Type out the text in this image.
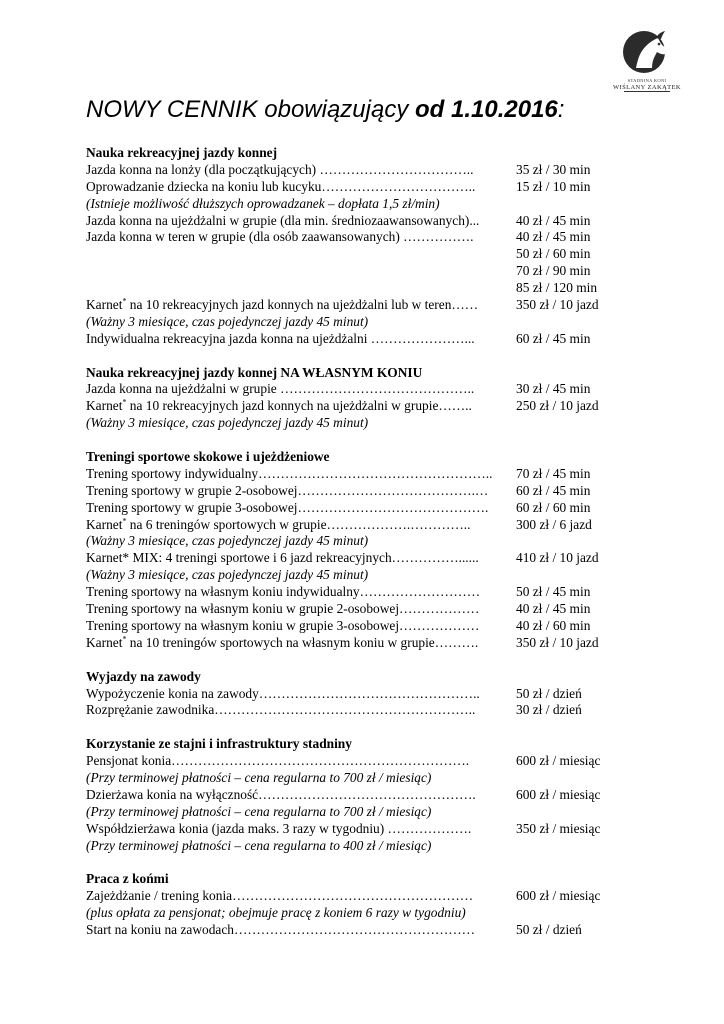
STADNINA KONI
WIŚLANY ZAKĄTEK
NOWY CENNIK obowiązujący od 1.10.2016:
Nauka rekreacyjnej jazdy konnej
Jazda konna na lonży (dla początkujących) ……………………………..	35 zł / 30 min
Oprowadzanie dziecka na koniu lub kucyku……………………………..	15 zł / 10 min
(Istnieje możliwość dłuższych oprowadzanek – dopłata 1,5 zł/min)
Jazda konna na ujeżdżalni w grupie (dla min. średniozaawansowanych)...	40 zł / 45 min
Jazda konna w teren w grupie (dla osób zaawansowanych) …………….	40 zł / 45 min
50 zł / 60 min
70 zł / 90 min
85 zł / 120 min
Karnet* na 10 rekreacyjnych jazd konnych na ujeżdżalni lub w teren……	350 zł / 10 jazd
(Ważny 3 miesiące, czas pojedynczej jazdy 45 minut)
Indywidualna rekreacyjna jazda konna na ujeżdżalni …………………...	60 zł / 45 min
Nauka rekreacyjnej jazdy konnej NA WŁASNYM KONIU
Jazda konna na ujeżdżalni w grupie ……………………………………..	30 zł / 45 min
Karnet* na 10 rekreacyjnych jazd konnych na ujeżdżalni w grupie……..	250 zł / 10 jazd
(Ważny 3 miesiące, czas pojedynczej jazdy 45 minut)
Treningi sportowe skokowe i ujeżdżeniowe
Trening sportowy indywidualny……………………………………………..	70 zł / 45 min
Trening sportowy w grupie 2-osobowej………………………………….…	60 zł / 45 min
Trening sportowy w grupie 3-osobowej…………………………………….	60 zł / 60 min
Karnet* na 6 treningów sportowych w grupie……………….…………..	300 zł / 6 jazd
(Ważny 3 miesiące, czas pojedynczej jazdy 45 minut)
Karnet* MIX: 4 treningi sportowe i 6 jazd rekreacyjnych……………......	410 zł / 10 jazd
(Ważny 3 miesiące, czas pojedynczej jazdy 45 minut)
Trening sportowy na własnym koniu indywidualny………………………	50 zł / 45 min
Trening sportowy na własnym koniu w grupie 2-osobowej………………	40 zł / 45 min
Trening sportowy na własnym koniu w grupie 3-osobowej………………	40 zł / 60 min
Karnet* na 10 treningów sportowych na własnym koniu w grupie……….	350 zł / 10 jazd
Wyjazdy na zawody
Wypożyczenie konia na zawody…………………………………………..	50 zł / dzień
Rozprężanie zawodnika…………………………………………………..	30 zł / dzień
Korzystanie ze stajni i infrastruktury stadniny
Pensjonat konia………………………………………………………….	600 zł / miesiąc
(Przy terminowej płatności – cena regularna to 700 zł / miesiąc)
Dzierżawa konia na wyłączność………………………………………….	600 zł / miesiąc
(Przy terminowej płatności – cena regularna to 700 zł / miesiąc)
Współdzierżawa konia (jazda maks. 3 razy w tygodniu) ……………….	350 zł / miesiąc
(Przy terminowej płatności – cena regularna to 400 zł / miesiąc)
Praca z końmi
Zajeżdżanie / trening konia………………………………………………	600 zł / miesiąc
(plus opłata za pensjonat; obejmuje pracę z koniem 6 razy w tygodniu)
Start na koniu na zawodach………………………………………………	50 zł / dzień
